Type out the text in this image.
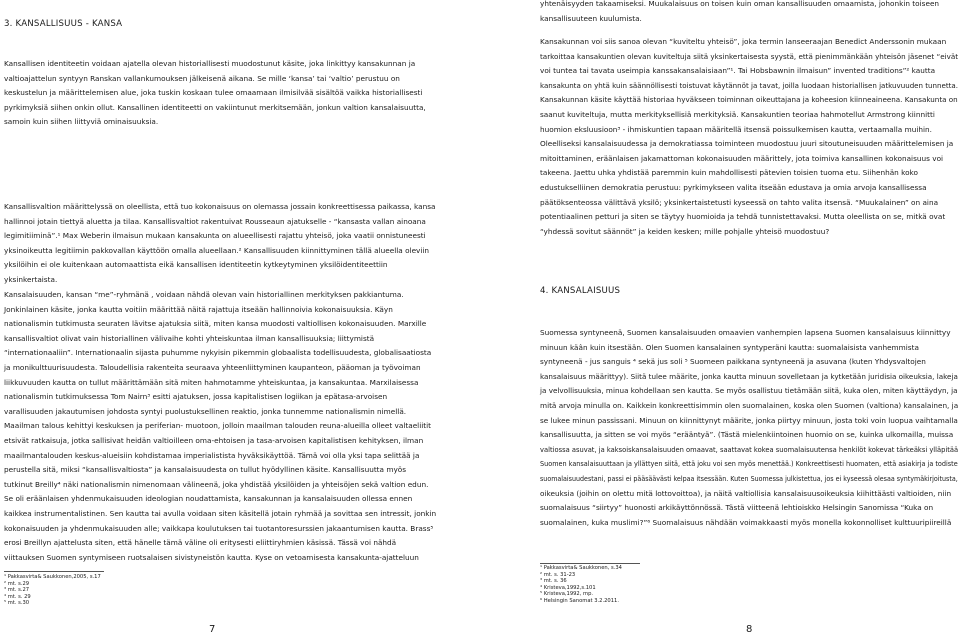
3. KANSALLISUUS - KANSA
Kansallisen identiteetin voidaan ajatella olevan historiallisesti muodostunut käsite, joka linkittyy kansakunnan ja
valtioajattelun syntyyn Ranskan vallankumouksen jälkeisenä aikana. Se mille ‘kansa’ tai ‘valtio’ perustuu on
keskustelun ja määrittelemisen alue, joka tuskin koskaan tulee omaamaan ilmisilvää sisältöä vaikka historiallisesti
pyrkimyksiä siihen onkin ollut. Kansallinen identiteetti on vakiintunut merkitsemään, jonkun valtion kansalaisuutta,
samoin kuin siihen liittyviä ominaisuuksia.
Kansallisvaltion määrittelyssä on oleellista, että tuo kokonaisuus on olemassa jossain konkreettisessa paikassa, kansa
hallinnoi jotain tiettyä aluetta ja tilaa. Kansallisvaltiot rakentuivat Rousseaun ajatukselle - “kansasta vallan ainoana
legimitiiminä”.¹ Max Weberin ilmaisun mukaan kansakunta on alueellisesti rajattu yhteisö, joka vaatii onnistuneesti
yksinoikeutta legitiimin pakkovallan käyttöön omalla alueellaan.² Kansallisuuden kiinnittyminen tällä alueella oleviin
yksilöihin ei ole kuitenkaan automaattista eikä kansallisen identiteetin kytkeytyminen yksilöidentiteettiin
yksinkertaista.
Kansalaisuuden, kansan “me”-ryhmänä , voidaan nähdä olevan vain historiallinen merkityksen pakkiantuma.
Jonkinlainen käsite, jonka kautta voitiin määrittää näitä rajattuja itseään hallinnoivia kokonaisuuksia. Käyn
nationalismin tutkimusta seuraten lävitse ajatuksia siitä, miten kansa muodosti valtiollisen kokonaisuuden. Marxille
kansallisvaltiot olivat vain historiallinen välivaihe kohti yhteiskuntaa ilman kansallisuuksia; liittymistä
“internationaaliin”. Internationaalin sijasta puhumme nykyisin pikemmin globaalista todellisuudesta, globalisaatiosta
ja monikulttuurisuudesta. Taloudellisia rakenteita seuraava yhteenliittyminen kaupanteon, pääoman ja työvoiman
liikkuvuuden kautta on tullut määrittämään sitä miten hahmotamme yhteiskuntaa, ja kansakuntaa. Marxilaisessa
nationalismin tutkimuksessa Tom Nairn³ esitti ajatuksen, jossa kapitalistisen logiikan ja epätasa-arvoisen
varallisuuden jakautumisen johdosta syntyi puolustuksellinen reaktio, jonka tunnemme nationalismin nimellä.
Maailman talous kehittyi keskuksen ja periferian- muotoon, jolloin maailman talouden reuna-alueilla olleet valtaeliitit
etsivät ratkaisuja, jotka sallisivat heidän valtioilleen oma-ehtoisen ja tasa-arvoisen kapitalistisen kehityksen, ilman
maailmantalouden keskus-alueisiin kohdistamaa imperialistista hyväksikäyttöä. Tämä voi olla yksi tapa selittää ja
perustella sitä, miksi “kansallisvaltiosta” ja kansalaisuudesta on tullut hyödyllinen käsite. Kansallisuutta myös
tutkinut Breilly⁴ näki nationalismin nimenomaan välineenä, joka yhdistää yksilöiden ja yhteisöjen sekä valtion edun.
Se oli eräänlaisen yhdenmukaisuuden ideologian noudattamista, kansakunnan ja kansalaisuuden ollessa ennen
kaikkea instrumentalistinen. Sen kautta tai avulla voidaan siten käsitellä jotain ryhmää ja sovittaa sen intressit, jonkin
kokonaisuuden ja yhdenmukaisuuden alle; vaikkapa koulutuksen tai tuotantoresurssien jakaantumisen kautta. Brass⁵
erosi Breillyn ajattelusta siten, että hänelle tämä väline oli eritysesti eliittiryhmien käsissä. Tässä voi nähdä
viittauksen Suomen syntymiseen ruotsalaisen sivistyneistön kautta. Kyse on vetoamisesta kansakunta-ajatteluun
¹ Pakkasvirta& Saukkonen,2005, s.17
² mt. s.29
³ mt. s.27
⁴ mt. s. 29
⁵ mt. s.30
7
yhtenäisyyden takaamiseksi. Muukalaisuus on toisen kuin oman kansallisuuden omaamista, johonkin toiseen
kansallisuuteen kuulumista.
Kansakunnan voi siis sanoa olevan “kuviteltu yhteisö”, joka termin lanseeraajan Benedict Anderssonin mukaan
tarkoittaa kansakuntien olevan kuviteltuja siitä yksinkertaisesta syystä, että pienimmänkään yhteisön jäsenet “eivät
voi tuntea tai tavata useimpia kanssakansalaisiaan”¹. Tai Hobsbawnin ilmaisun” invented traditions”² kautta
kansakunta on yhtä kuin säännöllisesti toistuvat käytännöt ja tavat, joilla luodaan historiallisen jatkuvuuden tunnetta.
Kansakunnan käsite käyttää historiaa hyväkseen toiminnan oikeuttajana ja koheesion kiinneaineena. Kansakunta on
saanut kuviteltuja, mutta merkityksellisiä merkityksiä. Kansakuntien teoriaa hahmotellut Armstrong kiinnitti
huomion eksluusioon³ - ihmiskuntien tapaan määritellä itsensä poissulkemisen kautta, vertaamalla muihin.
Oleelliseksi kansalaisuudessa ja demokratiassa toiminteen muodostuu juuri sitoutuneisuuden määrittelemisen ja
mitoittaminen, eräänlaisen jakamattoman kokonaisuuden määrittely, jota toimiva kansallinen kokonaisuus voi
takeena. Jaettu uhka yhdistää paremmin kuin mahdollisesti pätevien toisien tuoma etu. Siihenhän koko
edustukselliinen demokratia perustuu: pyrkimykseen valita itseään edustava ja omia arvoja kansallisessa
päätöksenteossa välittävä yksilö; yksinkertaistetusti kyseessä on tahto valita itsensä. “Muukalainen” on aina
potentiaalinen petturi ja siten se täytyy huomioida ja tehdä tunnistettavaksi. Mutta oleellista on se, mitkä ovat
“yhdessä sovitut säännöt” ja keiden kesken; mille pohjalle yhteisö muodostuu?
4. KANSALAISUUS
Suomessa syntyneenä, Suomen kansalaisuuden omaavien vanhempien lapsena Suomen kansalaisuus kiinnittyy
minuun käân kuin itsestään. Olen Suomen kansalainen syntyperäni kautta: suomalaisista vanhemmista
syntyneenä - jus sanguis ⁴ sekä jus soli ⁵ Suomeen paikkana syntyneenä ja asuvana (kuten Yhdysvaltojen
kansalaisuus määrittyy). Siitä tulee määrite, jonka kautta minuun sovelletaan ja kytketään juridisia oikeuksia, lakeja
ja velvollisuuksia, minua kohdellaan sen kautta. Se myös osallistuu tietämään siitä, kuka olen, miten käyttäydyn, ja
mitä arvoja minulla on. Kaikkein konkreettisimmin olen suomalainen, koska olen Suomen (valtiona) kansalainen, ja
se lukee minun passissani. Minuun on kiinnittynyt määrite, jonka piirtyy minuun, josta toki voin luopua vaihtamalla
kansallisuutta, ja sitten se voi myös “erääntyä”. (Tästä mielenkiintoinen huomio on se, kuinka ulkomailla, muissa
valtiossa asuvat, ja kaksoiskansalaisuuden omaavat, saattavat kokea suomalaisuutensa henkilöt kokevat tärkeäksi ylläpitää
Suomen kansalaisuuttaan ja yllättyen siitä, että joku voi sen myös menettää.) Konkreettisesti huomaten, että asiakirja ja todiste
suomalaisuudestani, passi ei pääsäävästi kelpaa itsessään. Kuten Suomessa julkistettua, jos ei kyseessä olesaa syntymäkirjoitusta,
oikeuksia (joihin on olettu mitä lottovoittoa), ja näitä valtiollisia kansalaisuusoikeuksia kiihittäästi valtioiden, niin
suomalaisuus “siirtyy” huonosti arkikäyttönnössä. Tästä viitteenä lehtioiskko Helsingin Sanomissa “Kuka on
suomalainen, kuka muslimi?”⁶ Suomalaisuus nähdään voimakkaasti myös monella kokonnolliset kulttuuripiireillä
¹ Pakkasvirta& Saukkonen, s.34
² mt. s. 31-23
³ mt. s. 36
⁴ Kristeva,1992,s.101
⁵ Kristeva,1992, mp.
⁶ Helsingin Sanomat 3.2.2011.
8
